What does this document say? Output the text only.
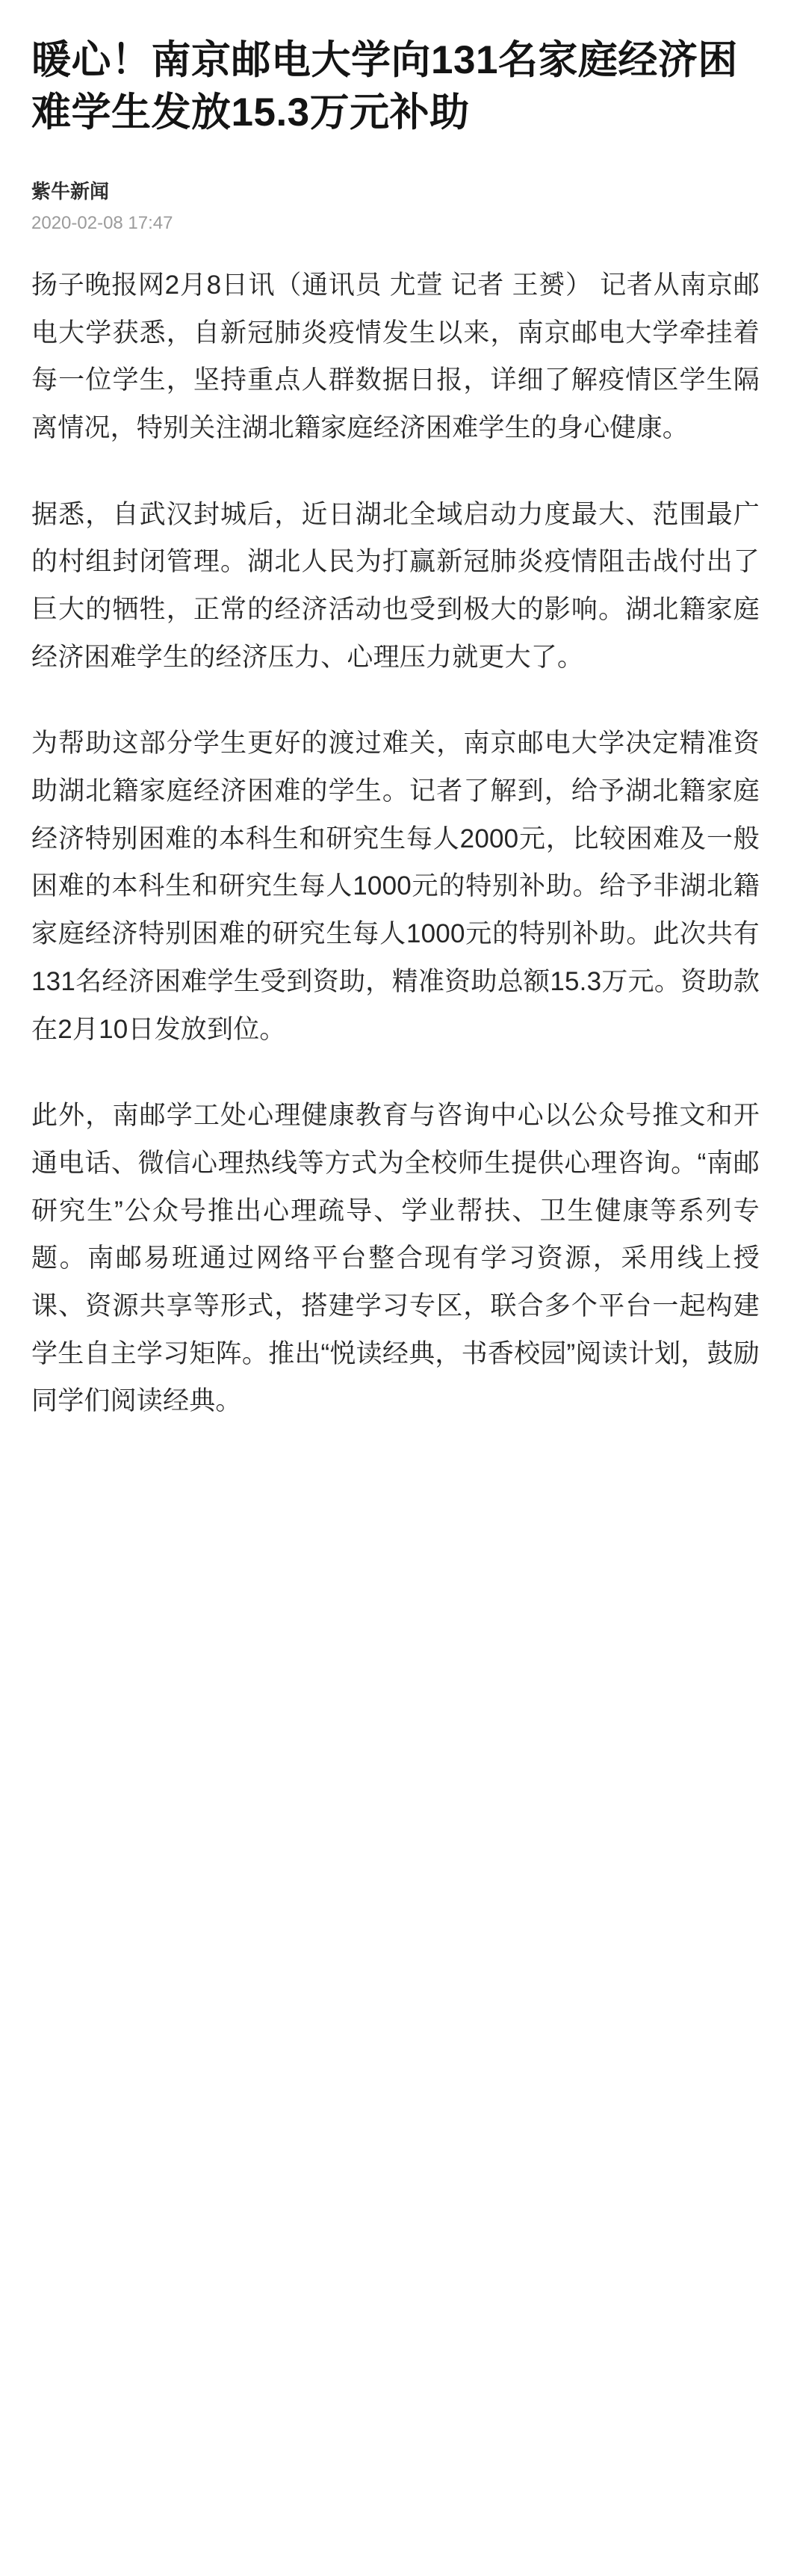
暖心！南京邮电大学向131名家庭经济困难学生发放15.3万元补助
紫牛新闻
2020-02-08 17:47

扬子晚报网2月8日讯（通讯员 尤萱 记者 王赟） 记者从南京邮电大学获悉，自新冠肺炎疫情发生以来，南京邮电大学牵挂着每一位学生，坚持重点人群数据日报，详细了解疫情区学生隔离情况，特别关注湖北籍家庭经济困难学生的身心健康。

据悉，自武汉封城后，近日湖北全域启动力度最大、范围最广的村组封闭管理。湖北人民为打赢新冠肺炎疫情阻击战付出了巨大的牺牲，正常的经济活动也受到极大的影响。湖北籍家庭经济困难学生的经济压力、心理压力就更大了。

为帮助这部分学生更好的渡过难关，南京邮电大学决定精准资助湖北籍家庭经济困难的学生。记者了解到，给予湖北籍家庭经济特别困难的本科生和研究生每人2000元，比较困难及一般困难的本科生和研究生每人1000元的特别补助。给予非湖北籍家庭经济特别困难的研究生每人1000元的特别补助。此次共有131名经济困难学生受到资助，精准资助总额15.3万元。资助款在2月10日发放到位。

此外，南邮学工处心理健康教育与咨询中心以公众号推文和开通电话、微信心理热线等方式为全校师生提供心理咨询。“南邮研究生”公众号推出心理疏导、学业帮扶、卫生健康等系列专题。南邮易班通过网络平台整合现有学习资源，采用线上授课、资源共享等形式，搭建学习专区，联合多个平台一起构建学生自主学习矩阵。推出“悦读经典，书香校园”阅读计划，鼓励同学们阅读经典。
